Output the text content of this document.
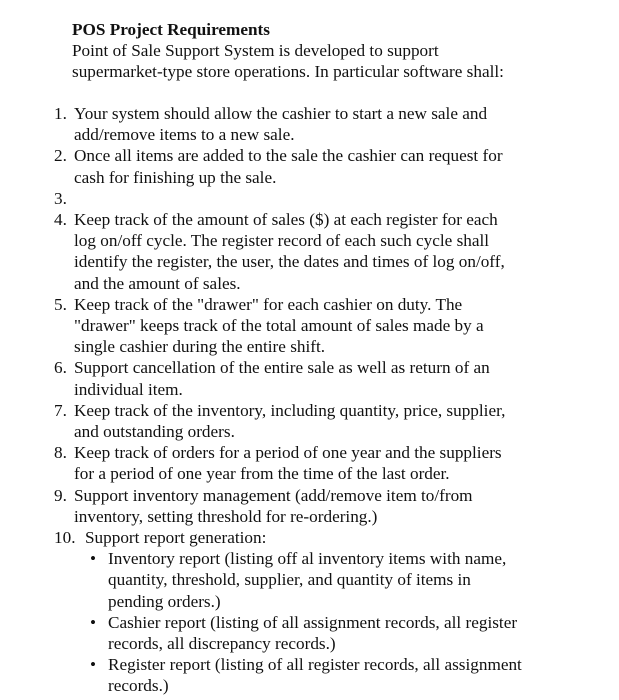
POS Project Requirements
Point of Sale Support System is developed to support
supermarket-type store operations. In particular software shall:
1. Your system should allow the cashier to start a new sale and
add/remove items to a new sale.
2. Once all items are added to the sale the cashier can request for
cash for finishing up the sale.
3.

4. Keep track of the amount of sales ($) at each register for each
log on/off cycle. The register record of each such cycle shall
identify the register, the user, the dates and times of log on/off,
and the amount of sales.
5. Keep track of the "drawer" for each cashier on duty. The
"drawer" keeps track of the total amount of sales made by a
single cashier during the entire shift.
6. Support cancellation of the entire sale as well as return of an
individual item.
7. Keep track of the inventory, including quantity, price, supplier,
and outstanding orders.
8. Keep track of orders for a period of one year and the suppliers
for a period of one year from the time of the last order.
9. Support inventory management (add/remove item to/from
inventory, setting threshold for re-ordering.)
10. Support report generation:
• Inventory report (listing off al inventory items with name,
quantity, threshold, supplier, and quantity of items in
pending orders.)
• Cashier report (listing of all assignment records, all register
records, all discrepancy records.)
• Register report (listing of all register records, all assignment
records.)
